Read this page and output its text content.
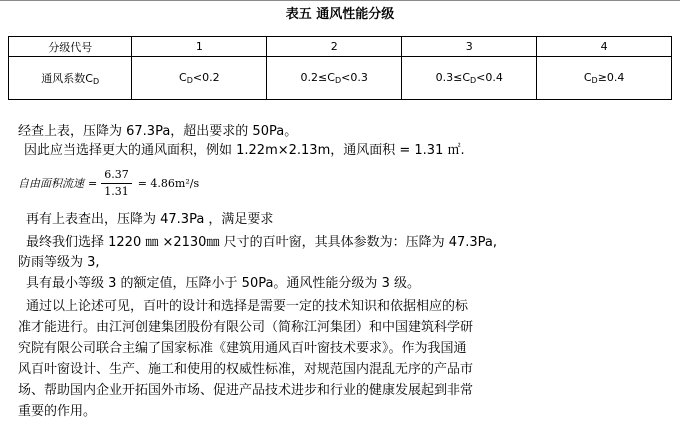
表五 通风性能分级
分级代号	1	2	3	4
通风系数$C_D$	$C_D<0.2$	$0.2\le C_D<0.3$	$0.3\le C_D<0.4$	$C_D\ge 0.4$
经查上表，压降为 67.3Pa，超出要求的 50Pa。
因此应当选择更大的通风面积，例如 1.22m×2.13m，通风面积 = 1.31 ㎡.
自由面积流速 = $\frac{6.37}{1.31} = 4.86m^2/s$
再有上表查出，压降为 47.3Pa ，满足要求
最终我们选择 1220 ㎜ ×2130㎜ 尺寸的百叶窗，其具体参数为：压降为 47.3Pa,
防雨等级为 3,
具有最小等级 3 的额定值，压降小于 50Pa。通风性能分级为 3 级。
通过以上论述可见，百叶的设计和选择是需要一定的技术知识和依据相应的标
准才能进行。由江河创建集团股份有限公司（简称江河集团）和中国建筑科学研
究院有限公司联合主编了国家标准《建筑用通风百叶窗技术要求》。作为我国通
风百叶窗设计、生产、施工和使用的权威性标准，对规范国内混乱无序的产品市
场、帮助国内企业开拓国外市场、促进产品技术进步和行业的健康发展起到非常
重要的作用。
